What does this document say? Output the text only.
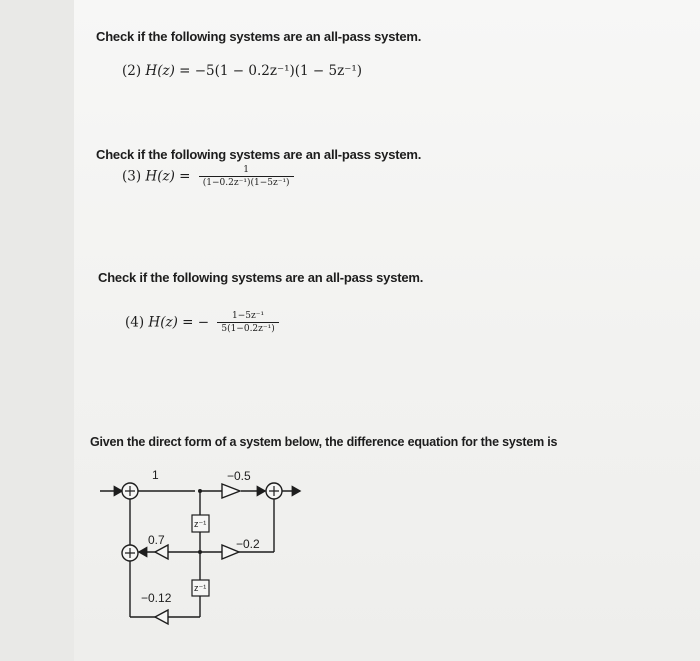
Check if the following systems are an all-pass system.
(2) H(z) = −5(1 − 0.2z⁻¹)(1 − 5z⁻¹)
Check if the following systems are an all-pass system.
(3) $H(z) = \frac{1}{\text{(1−0.2z⁻¹)(1−5z⁻¹)}}$
Check if the following systems are an all-pass system.
(4) H(z) = − $\frac{\text{1−5z⁻¹}}{\text{5(1−0.2z⁻¹)}}$
Given the direct form of a system below, the difference equation for the system is
z⁻¹
z⁻¹
1	−0.5
0.7	−0.2
−0.12
